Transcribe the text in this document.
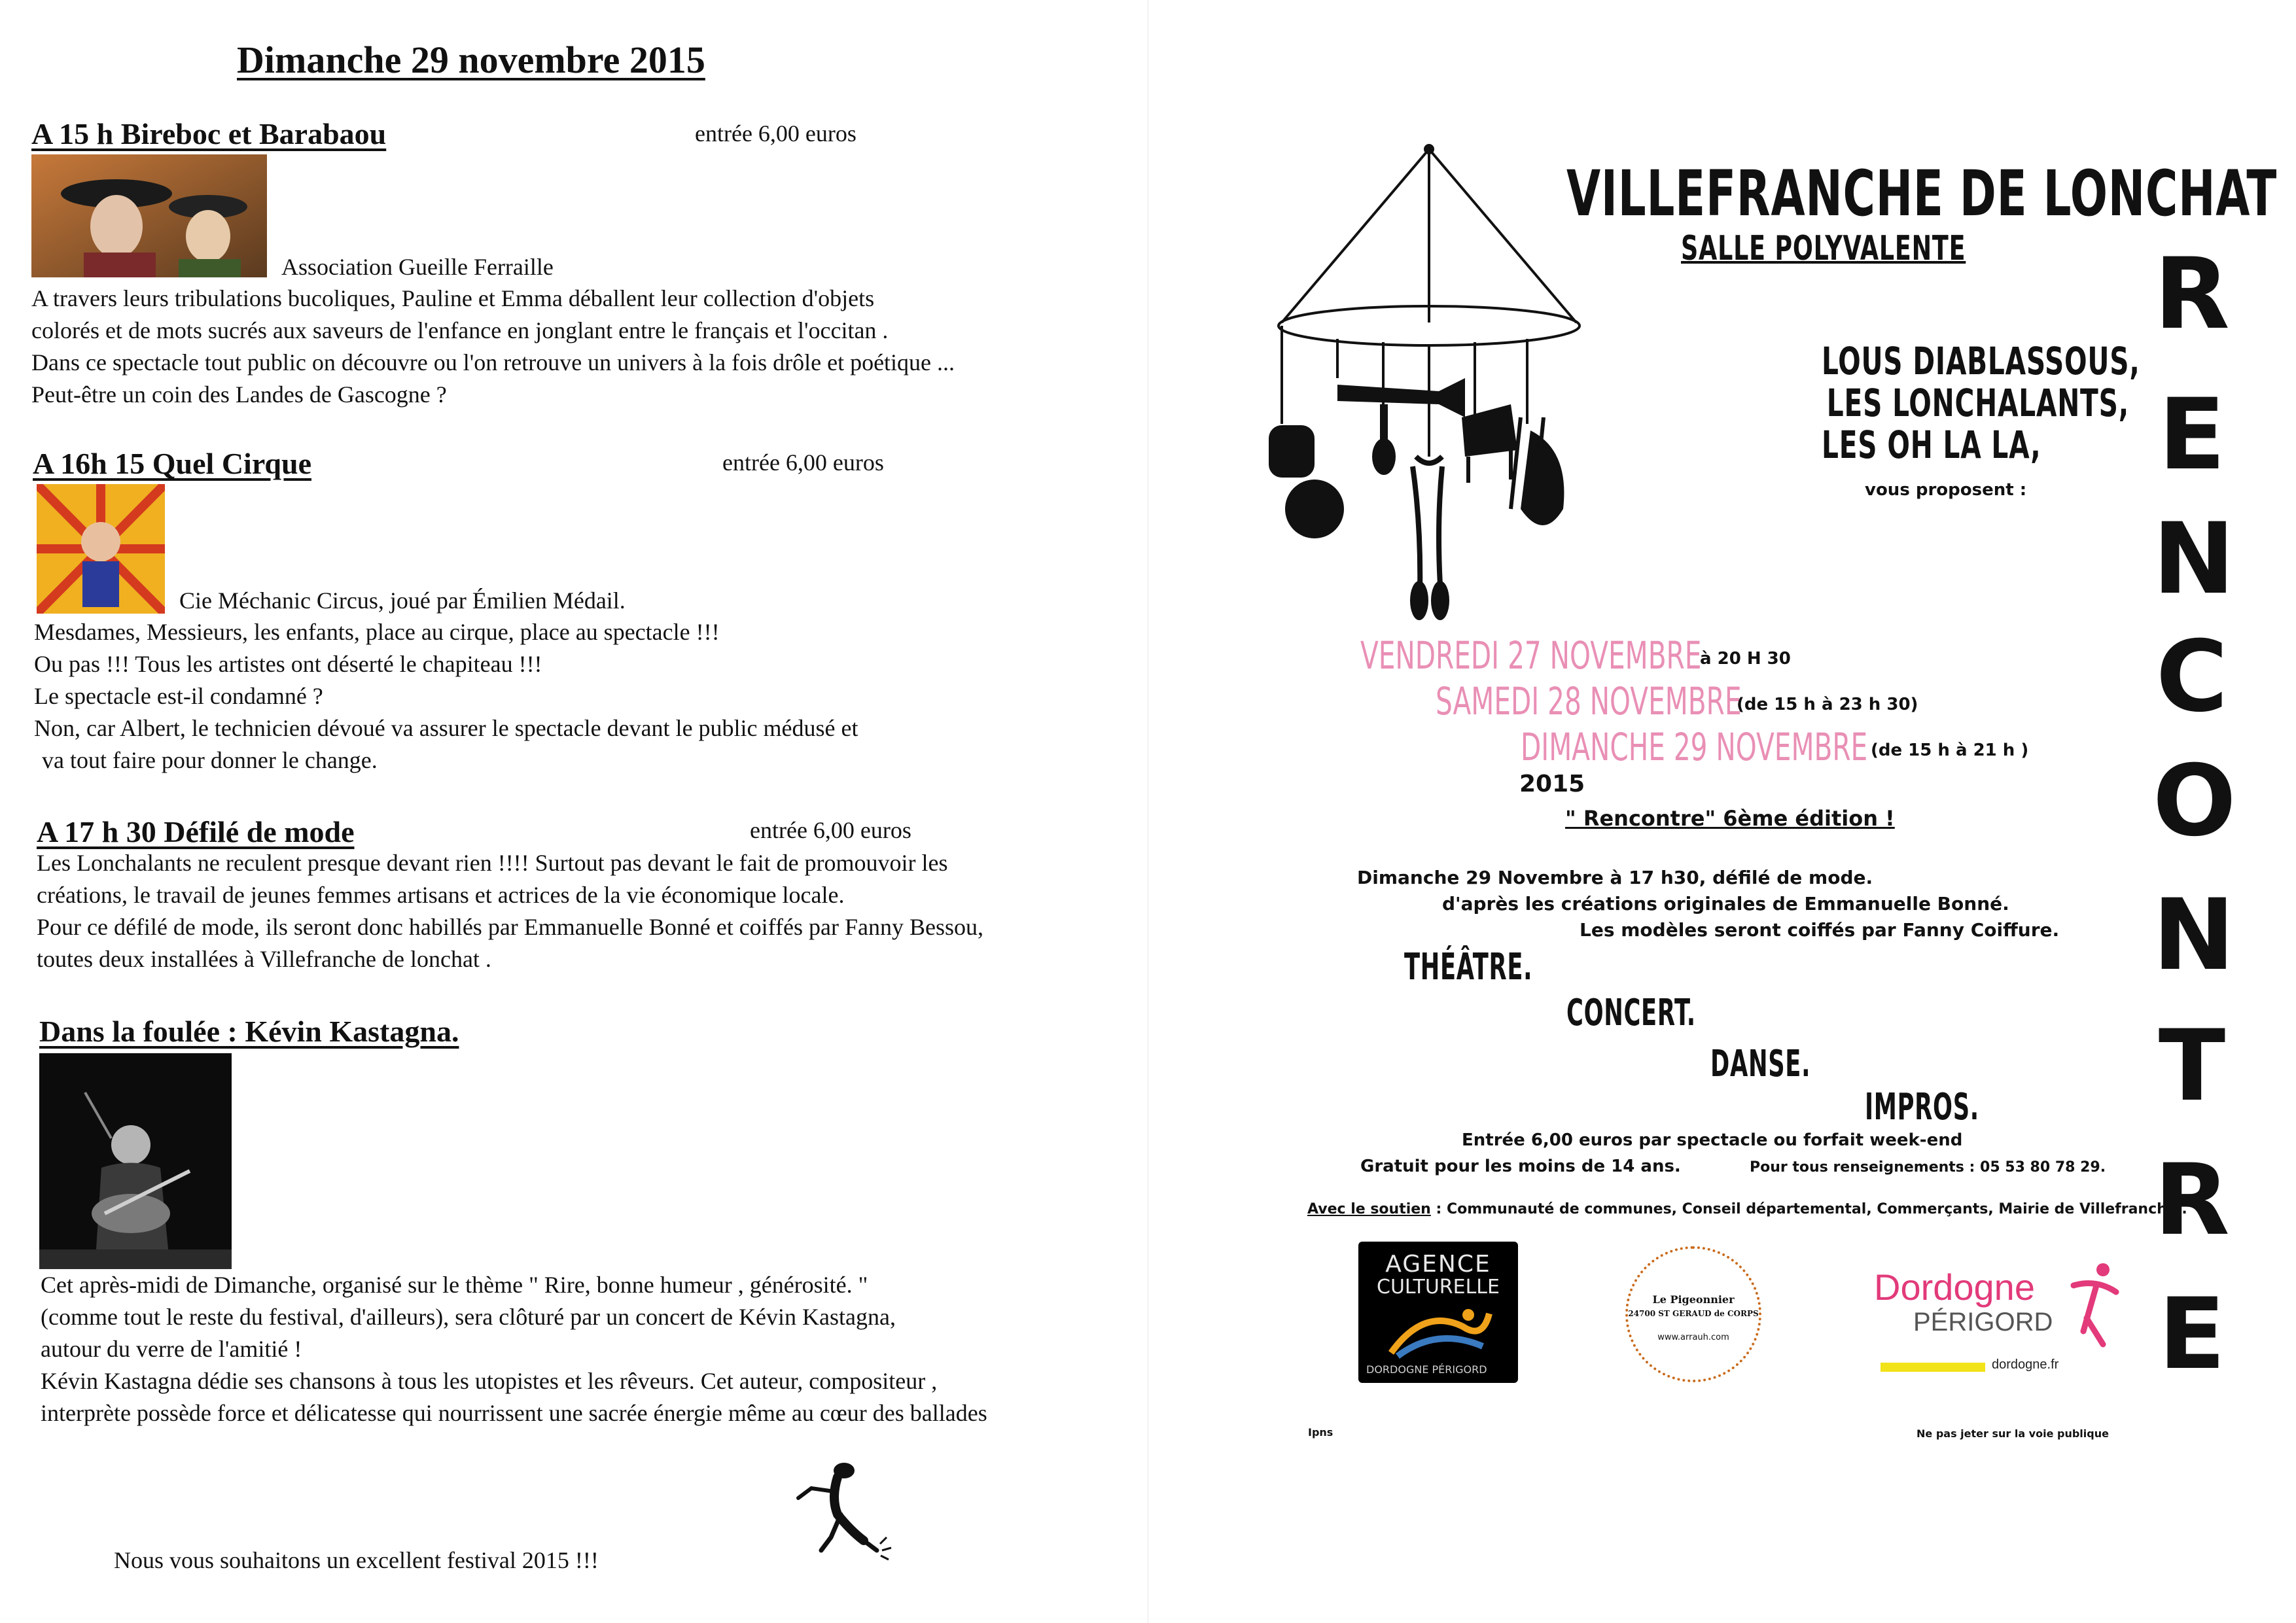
Dimanche 29 novembre 2015
A 15 h Bireboc et Barabaou	entrée 6,00 euros
Association Gueille Ferraille
A travers leurs tribulations bucoliques, Pauline et Emma déballent leur collection d'objets
colorés et de mots sucrés aux saveurs de l'enfance en jonglant entre le français et l'occitan .
Dans ce spectacle tout public on découvre ou l'on retrouve un univers à la fois drôle et poétique ...
Peut-être un coin des Landes de Gascogne ?
A 16h 15 Quel Cirque	entrée 6,00 euros
Cie Méchanic Circus, joué par Émilien Médail.
Mesdames, Messieurs, les enfants, place au cirque, place au spectacle !!!
Ou pas !!! Tous les artistes ont déserté le chapiteau !!!
Le spectacle est-il condamné ?
Non, car Albert, le technicien dévoué va assurer le spectacle devant le public médusé et
va tout faire pour donner le change.
A 17 h 30 Défilé de mode	entrée 6,00 euros
Les Lonchalants ne reculent presque devant rien !!!! Surtout pas devant le fait de promouvoir les
créations, le travail de jeunes femmes artisans et actrices de la vie économique locale.
Pour ce défilé de mode, ils seront donc habillés par Emmanuelle Bonné et coiffés par Fanny Bessou,
toutes deux installées à Villefranche de lonchat .
Dans la foulée : Kévin Kastagna.
Cet après-midi de Dimanche, organisé sur le thème " Rire, bonne humeur , générosité. "
(comme tout le reste du festival, d'ailleurs), sera clôturé par un concert de Kévin Kastagna,
autour du verre de l'amitié !
Kévin Kastagna dédie ses chansons à tous les utopistes et les rêveurs. Cet auteur, compositeur ,
interprète possède force et délicatesse qui nourrissent une sacrée énergie même au cœur des ballades
Nous vous souhaitons un excellent festival 2015 !!!
VILLEFRANCHE DE LONCHAT
SALLE POLYVALENTE
LOUS DIABLASSOUS,
LES LONCHALANTS,
LES OH LA LA,
vous proposent :
VENDREDI 27 NOVEMBRE
à 20 H 30
SAMEDI 28 NOVEMBRE
(de 15 h à 23 h 30)
DIMANCHE 29 NOVEMBRE (de 15 h à 21 h )
2015
" Rencontre" 6ème édition !
Dimanche 29 Novembre à 17 h30, défilé de mode.
d'après les créations originales de Emmanuelle Bonné.
Les modèles seront coiffés par Fanny Coiffure.
THÉÂTRE.
CONCERT.
DANSE.
IMPROS.
Entrée 6,00 euros par spectacle ou forfait week-end
Gratuit pour les moins de 14 ans.	Pour tous renseignements : 05 53 80 78 29.
Avec le soutien : Communauté de communes, Conseil départemental, Commerçants, Mairie de Villefranche .
AGENCE
CULTURELLE
DORDOGNE PÉRIGORD
Le Pigeonnier
24700 ST GERAUD de CORPS
www.arrauh.com
Dordogne
PÉRIGORD
dordogne.fr
Ipns	Ne pas jeter sur la voie publique
R
E
N
C
O
N
T
R
E
